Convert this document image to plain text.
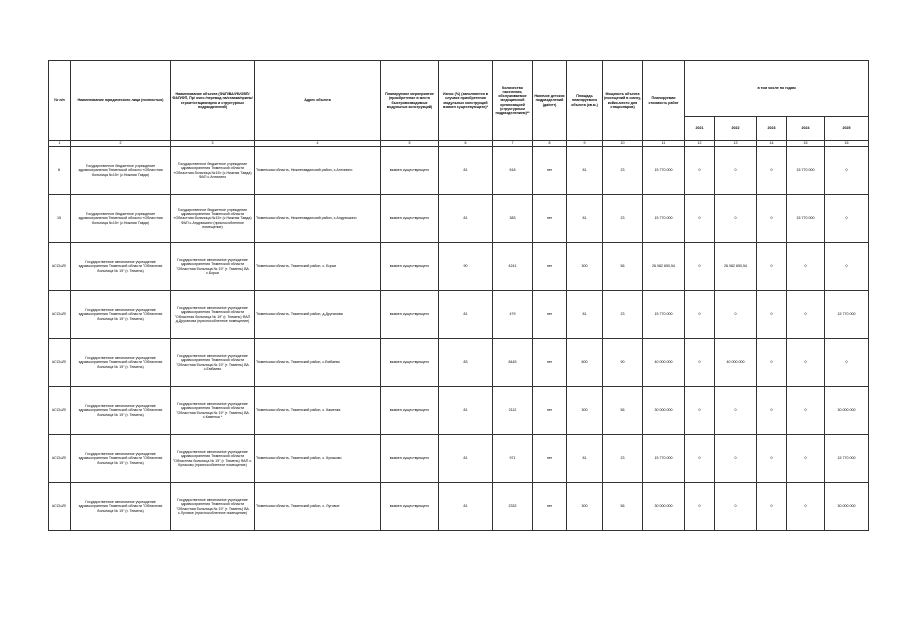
№ п/п	Наименование юридического лица (полностью)	Наименование объекта (ФАП/ВА/УБ/ОВП/ФАП/ФП, Пр/ очно /перевод на/ставка/прием/строит/стационарно и структурных подразделений)	Адрес объекта	Планируемое мероприятие (приобретение в место быстровозводимых модульных конструкций)	Износ (%) (заполняется в случаях приобретения модульных конструкций взамен существующего)*	Количество населения, обслуживаемое медицинской организацией (структурным подразделением)**	Наличие детских подразделений (да/нет)	Площадь планируемого объекта (кв.м.)	Мощность объекта (посещений в смену, койко-место для стационаров)	Планируемая стоимость работ	в том числе по годам				
											2021	2022	2023	2024	2025
1	2	3	4	5	6	7	8	9	10	11	12	13	14	15	16
8	Государственное бюджетное учреждение здравоохранения Тюменской области «Областная больница №15» (с.Нижняя Тавда)	Государственное бюджетное учреждение здравоохранения Тюменской области «Областная больница №15» (с.Нижняя Тавда) ФАП с.Антипино	Тюменская область, Нижнетавдинский район, с.Антипино	взамен существующего	81	618	нет	81	23	15 770 000	0	0	0	15 770 000	0
15	Государственное бюджетное учреждение здравоохранения Тюменской области «Областная больница №15» (с.Нижняя Тавда)	Государственное бюджетное учреждение здравоохранения Тюменской области «Областная больница №15» (с.Нижняя Тавда) ФАП с.Андрюшино (приспособленное помещение)	Тюменская область, Нижнетавдинский район, с.Андрюшино	взамен существующего	81	383	нет	81	23	15 770 000	0	0	0	15 770 000	0
#ССЫЛ!	Государственное автономное учреждение здравоохранения Тюменской области "Областная больница № 19" (г. Тюмень)	Государственное автономное учреждение здравоохранения Тюменской области "Областная больница № 19" (г. Тюмень) ВА с.Борки	Тюменская область, Тюменский район, с. Борки	взамен существующего	90	4241	нет	300	56	26 082 650,54	0	26 082 650,54	0	0	0
#ССЫЛ!	Государственное автономное учреждение здравоохранения Тюменской области "Областная больница № 19" (г. Тюмень)	Государственное автономное учреждение здравоохранения Тюменской области "Областная больница № 19" (г. Тюмень) ФАП д.Друганова (приспособленное помещение)	Тюменская область, Тюменский район, д.Друганова	взамен существующего	81	479	нет	81	23	15 770 000	0	0	0	0	15 770 000
#ССЫЛ!	Государственное автономное учреждение здравоохранения Тюменской области "Областная больница № 19" (г. Тюмень)	Государственное автономное учреждение здравоохранения Тюменской области "Областная больница № 19" (г. Тюмень) ВА с.Ембаево	Тюменская область, Тюменский район, с.Ембаево	взамен существующего	83	8445	нет	600	90	40 000 000	0	40 000 000	0	0	0
#ССЫЛ!	Государственное автономное учреждение здравоохранения Тюменской области "Областная больница № 19" (г. Тюмень)	Государственное автономное учреждение здравоохранения Тюменской области "Областная больница № 19" (г. Тюмень) ВА с.Каменка *	Тюменская область, Тюменский район, с. Каменка	взамен существующего	81	2112	нет	300	56	30 000 000	0	0	0	0	30 000 000
#ССЫЛ!	Государственное автономное учреждение здравоохранения Тюменской области "Областная больница № 19" (г. Тюмень)	Государственное автономное учреждение здравоохранения Тюменской области "Областная больница № 19" (г. Тюмень) ФАП с. Кулаково (приспособленное помещение)	Тюменская область, Тюменский район, с. Кулаково	взамен существующего	81	971	нет	81	23	15 770 000	0	0	0	0	15 770 000
#ССЫЛ!	Государственное автономное учреждение здравоохранения Тюменской области "Областная больница № 19" (г. Тюмень)	Государственное автономное учреждение здравоохранения Тюменской области "Областная больница № 19" (г. Тюмень) ВА с.Луговое (приспособленное помещение)	Тюменская область, Тюменский район, с. Луговое	взамен существующего	81	2332	нет	300	56	30 000 000	0	0	0	0	30 000 000
